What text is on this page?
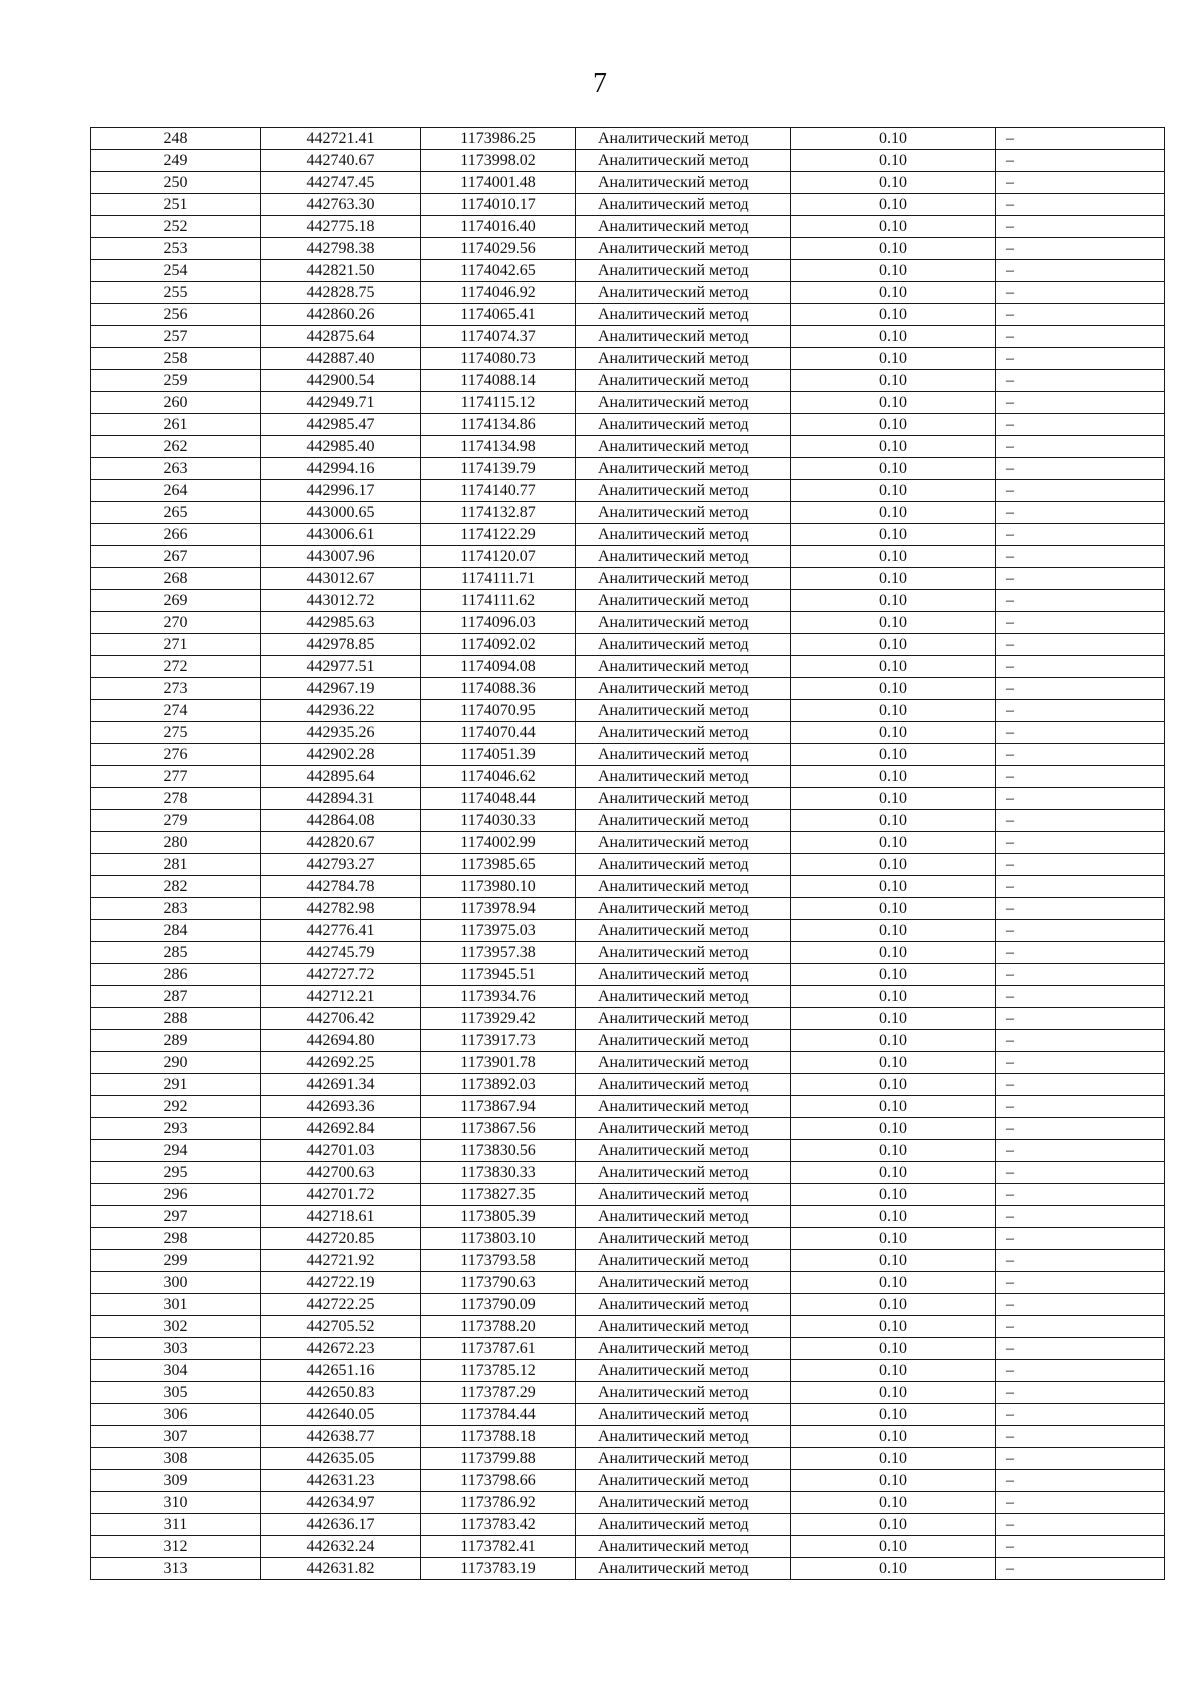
7
248	442721.41	1173986.25	Аналитический метод	0.10	–
249	442740.67	1173998.02	Аналитический метод	0.10	–
250	442747.45	1174001.48	Аналитический метод	0.10	–
251	442763.30	1174010.17	Аналитический метод	0.10	–
252	442775.18	1174016.40	Аналитический метод	0.10	–
253	442798.38	1174029.56	Аналитический метод	0.10	–
254	442821.50	1174042.65	Аналитический метод	0.10	–
255	442828.75	1174046.92	Аналитический метод	0.10	–
256	442860.26	1174065.41	Аналитический метод	0.10	–
257	442875.64	1174074.37	Аналитический метод	0.10	–
258	442887.40	1174080.73	Аналитический метод	0.10	–
259	442900.54	1174088.14	Аналитический метод	0.10	–
260	442949.71	1174115.12	Аналитический метод	0.10	–
261	442985.47	1174134.86	Аналитический метод	0.10	–
262	442985.40	1174134.98	Аналитический метод	0.10	–
263	442994.16	1174139.79	Аналитический метод	0.10	–
264	442996.17	1174140.77	Аналитический метод	0.10	–
265	443000.65	1174132.87	Аналитический метод	0.10	–
266	443006.61	1174122.29	Аналитический метод	0.10	–
267	443007.96	1174120.07	Аналитический метод	0.10	–
268	443012.67	1174111.71	Аналитический метод	0.10	–
269	443012.72	1174111.62	Аналитический метод	0.10	–
270	442985.63	1174096.03	Аналитический метод	0.10	–
271	442978.85	1174092.02	Аналитический метод	0.10	–
272	442977.51	1174094.08	Аналитический метод	0.10	–
273	442967.19	1174088.36	Аналитический метод	0.10	–
274	442936.22	1174070.95	Аналитический метод	0.10	–
275	442935.26	1174070.44	Аналитический метод	0.10	–
276	442902.28	1174051.39	Аналитический метод	0.10	–
277	442895.64	1174046.62	Аналитический метод	0.10	–
278	442894.31	1174048.44	Аналитический метод	0.10	–
279	442864.08	1174030.33	Аналитический метод	0.10	–
280	442820.67	1174002.99	Аналитический метод	0.10	–
281	442793.27	1173985.65	Аналитический метод	0.10	–
282	442784.78	1173980.10	Аналитический метод	0.10	–
283	442782.98	1173978.94	Аналитический метод	0.10	–
284	442776.41	1173975.03	Аналитический метод	0.10	–
285	442745.79	1173957.38	Аналитический метод	0.10	–
286	442727.72	1173945.51	Аналитический метод	0.10	–
287	442712.21	1173934.76	Аналитический метод	0.10	–
288	442706.42	1173929.42	Аналитический метод	0.10	–
289	442694.80	1173917.73	Аналитический метод	0.10	–
290	442692.25	1173901.78	Аналитический метод	0.10	–
291	442691.34	1173892.03	Аналитический метод	0.10	–
292	442693.36	1173867.94	Аналитический метод	0.10	–
293	442692.84	1173867.56	Аналитический метод	0.10	–
294	442701.03	1173830.56	Аналитический метод	0.10	–
295	442700.63	1173830.33	Аналитический метод	0.10	–
296	442701.72	1173827.35	Аналитический метод	0.10	–
297	442718.61	1173805.39	Аналитический метод	0.10	–
298	442720.85	1173803.10	Аналитический метод	0.10	–
299	442721.92	1173793.58	Аналитический метод	0.10	–
300	442722.19	1173790.63	Аналитический метод	0.10	–
301	442722.25	1173790.09	Аналитический метод	0.10	–
302	442705.52	1173788.20	Аналитический метод	0.10	–
303	442672.23	1173787.61	Аналитический метод	0.10	–
304	442651.16	1173785.12	Аналитический метод	0.10	–
305	442650.83	1173787.29	Аналитический метод	0.10	–
306	442640.05	1173784.44	Аналитический метод	0.10	–
307	442638.77	1173788.18	Аналитический метод	0.10	–
308	442635.05	1173799.88	Аналитический метод	0.10	–
309	442631.23	1173798.66	Аналитический метод	0.10	–
310	442634.97	1173786.92	Аналитический метод	0.10	–
311	442636.17	1173783.42	Аналитический метод	0.10	–
312	442632.24	1173782.41	Аналитический метод	0.10	–
313	442631.82	1173783.19	Аналитический метод	0.10	–
